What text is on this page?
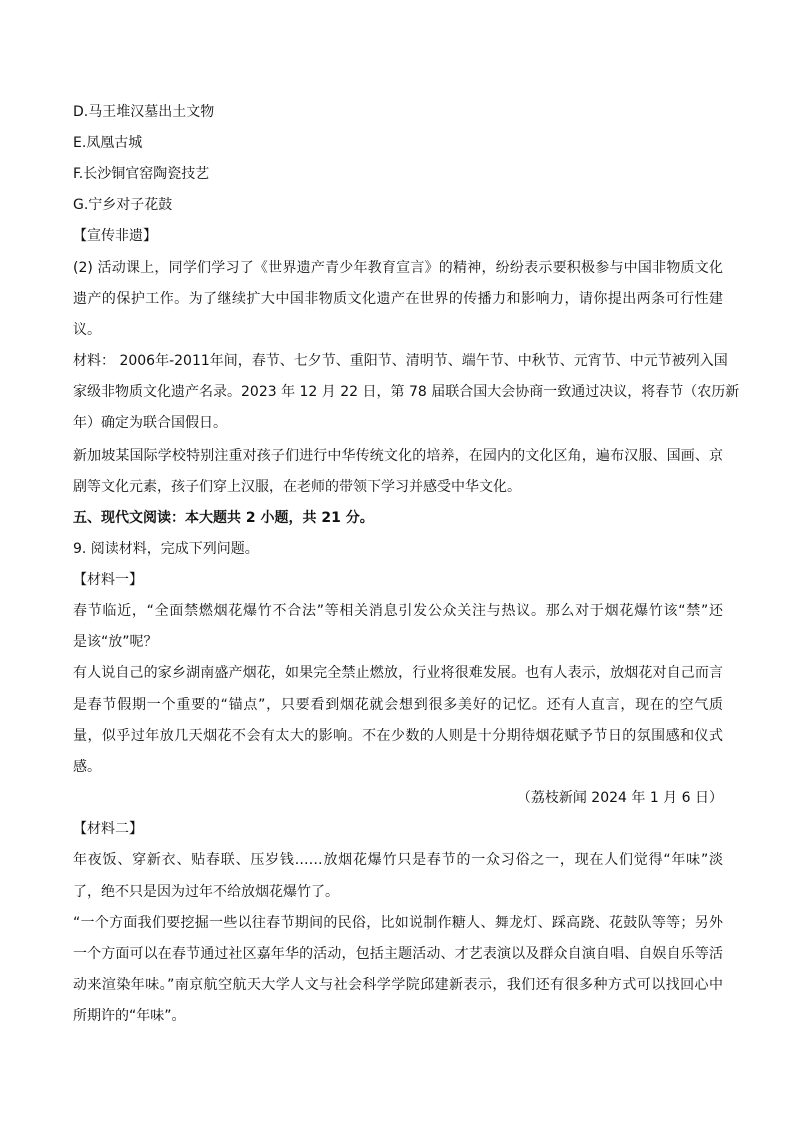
D.马王堆汉墓出土文物
E.凤凰古城
F.长沙铜官窑陶瓷技艺
G.宁乡对子花鼓
【宣传非遗】
(2) 活动课上，同学们学习了《世界遗产青少年教育宣言》的精神，纷纷表示要积极参与中国非物质文化
遗产的保护工作。为了继续扩大中国非物质文化遗产在世界的传播力和影响力，请你提出两条可行性建
议。
材料： 2006年-2011年间，春节、七夕节、重阳节、清明节、端午节、中秋节、元宵节、中元节被列入国
家级非物质文化遗产名录。2023 年 12 月 22 日，第 78 届联合国大会协商一致通过决议，将春节（农历新
年）确定为联合国假日。
新加坡某国际学校特别注重对孩子们进行中华传统文化的培养，在园内的文化区角，遍布汉服、国画、京
剧等文化元素，孩子们穿上汉服，在老师的带领下学习并感受中华文化。
五、现代文阅读：本大题共 2 小题，共 21 分。
9. 阅读材料，完成下列问题。
【材料一】
春节临近，“全面禁燃烟花爆竹不合法”等相关消息引发公众关注与热议。那么对于烟花爆竹该“禁”还
是该“放”呢？
有人说自己的家乡湖南盛产烟花，如果完全禁止燃放，行业将很难发展。也有人表示，放烟花对自己而言
是春节假期一个重要的“锚点”，只要看到烟花就会想到很多美好的记忆。还有人直言，现在的空气质
量，似乎过年放几天烟花不会有太大的影响。不在少数的人则是十分期待烟花赋予节日的氛围感和仪式
感。
（荔枝新闻 2024 年 1 月 6 日）
【材料二】
年夜饭、穿新衣、贴春联、压岁钱……放烟花爆竹只是春节的一众习俗之一，现在人们觉得“年味”淡
了，绝不只是因为过年不给放烟花爆竹了。
“一个方面我们要挖掘一些以往春节期间的民俗，比如说制作糖人、舞龙灯、踩高跷、花鼓队等等；另外
一个方面可以在春节通过社区嘉年华的活动，包括主题活动、才艺表演以及群众自演自唱、自娱自乐等活
动来渲染年味。”南京航空航天大学人文与社会科学学院邱建新表示，我们还有很多种方式可以找回心中
所期许的“年味”。
